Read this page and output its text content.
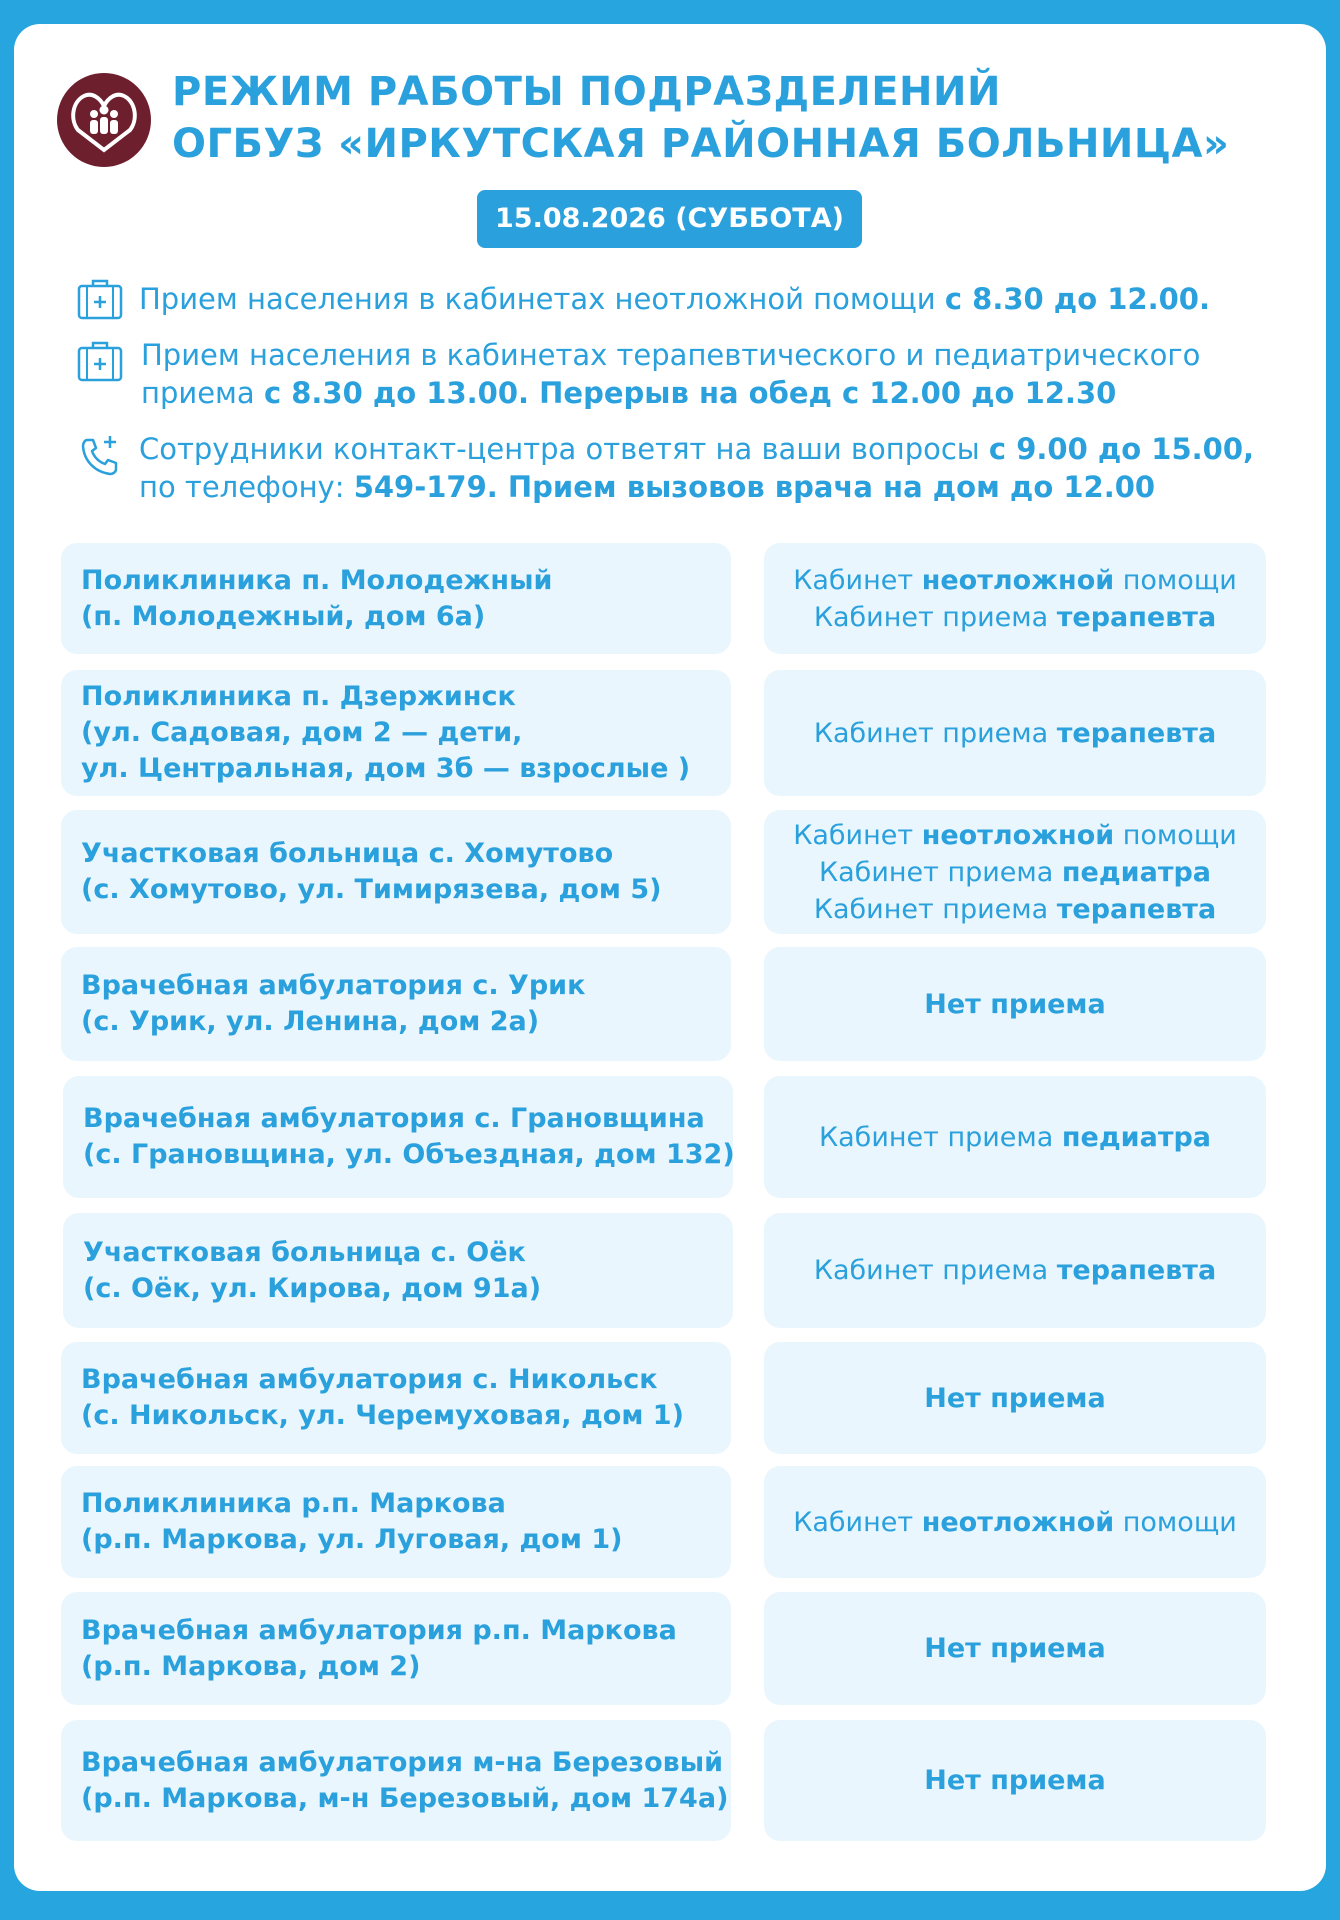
РЕЖИМ РАБОТЫ ПОДРАЗДЕЛЕНИЙ
ОГБУЗ «ИРКУТСКАЯ РАЙОННАЯ БОЛЬНИЦА»
15.08.2026 (СУББОТА)
Прием населения в кабинетах неотложной помощи с 8.30 до 12.00.
Прием населения в кабинетах терапевтического и педиатрического
приема с 8.30 до 13.00. Перерыв на обед с 12.00 до 12.30
Сотрудники контакт-центра ответят на ваши вопросы с 9.00 до 15.00,
по телефону: 549-179. Прием вызовов врача на дом до 12.00
Поликлиника п. Молодежный
(п. Молодежный, дом 6а)
Кабинет неотложной помощи
Кабинет приема терапевта
Поликлиника п. Дзержинск
(ул. Садовая, дом 2 — дети,
ул. Центральная, дом 3б — взрослые )
Кабинет приема терапевта
Участковая больница с. Хомутово
(с. Хомутово, ул. Тимирязева, дом 5)
Кабинет неотложной помощи
Кабинет приема педиатра
Кабинет приема терапевта
Врачебная амбулатория с. Урик
(с. Урик, ул. Ленина, дом 2а)
Нет приема
Врачебная амбулатория с. Грановщина
(с. Грановщина, ул. Объездная, дом 132)
Кабинет приема педиатра
Участковая больница с. Оёк
(с. Оёк, ул. Кирова, дом 91а)
Кабинет приема терапевта
Врачебная амбулатория с. Никольск
(с. Никольск, ул. Черемуховая, дом 1)
Нет приема
Поликлиника р.п. Маркова
(р.п. Маркова, ул. Луговая, дом 1)
Кабинет неотложной помощи
Врачебная амбулатория р.п. Маркова
(р.п. Маркова, дом 2)
Нет приема
Врачебная амбулатория м-на Березовый
(р.п. Маркова, м-н Березовый, дом 174а)
Нет приема
